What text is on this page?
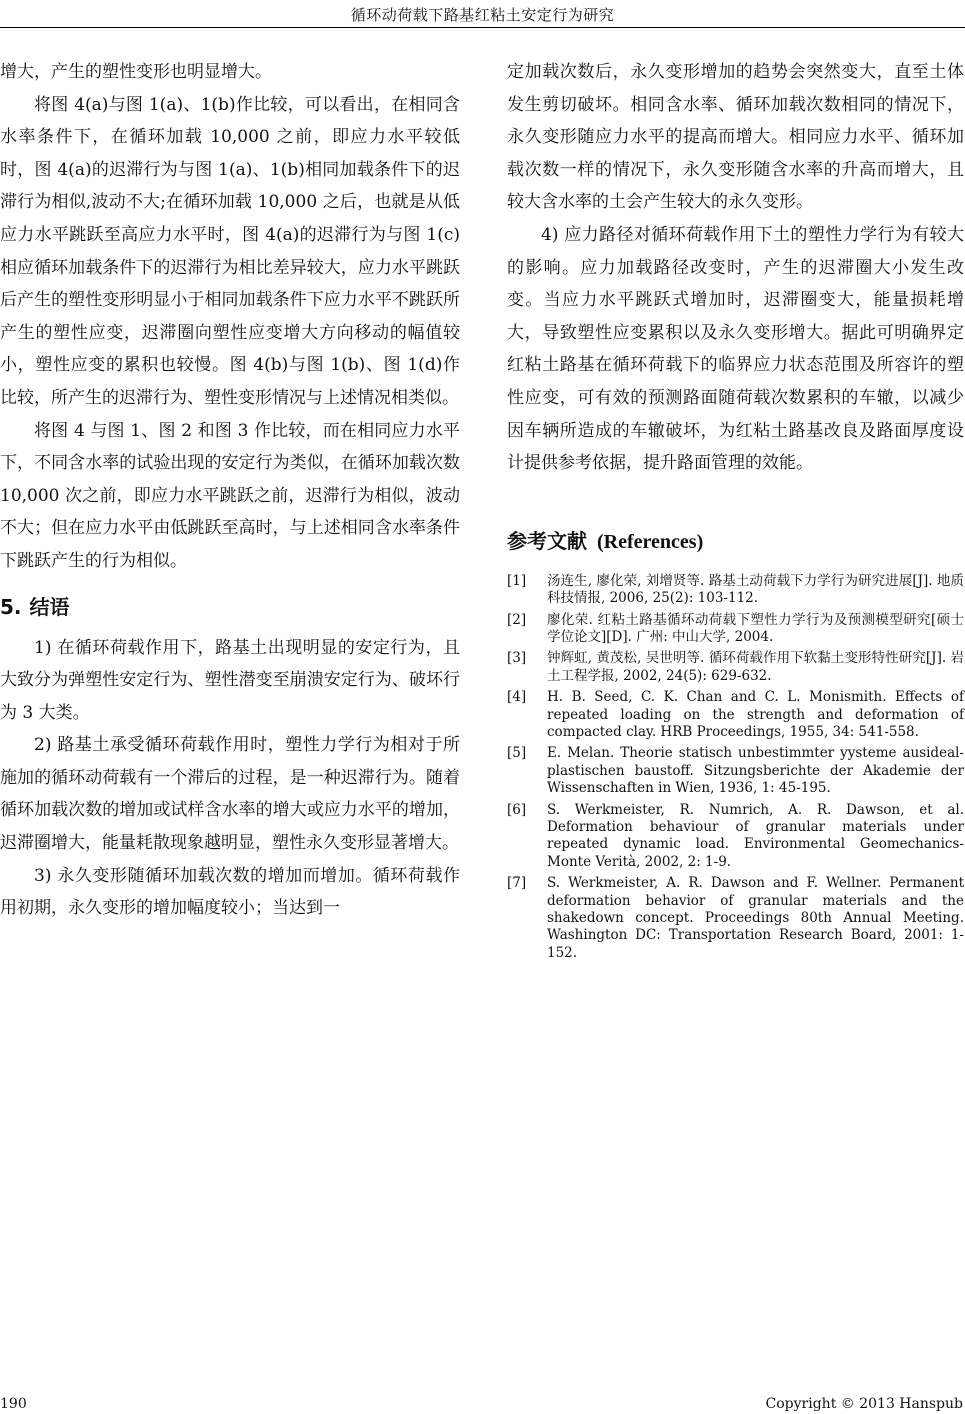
循环动荷载下路基红粘土安定行为研究

增大，产生的塑性变形也明显增大。

将图 4(a)与图 1(a)、1(b)作比较，可以看出，在相同含水率条件下，在循环加载 10,000 之前，即应力水平较低时，图 4(a)的迟滞行为与图 1(a)、1(b)相同加载条件下的迟滞行为相似,波动不大;在循环加载 10,000 之后，也就是从低应力水平跳跃至高应力水平时，图 4(a)的迟滞行为与图 1(c)相应循环加载条件下的迟滞行为相比差异较大，应力水平跳跃后产生的塑性变形明显小于相同加载条件下应力水平不跳跃所产生的塑性应变，迟滞圈向塑性应变增大方向移动的幅值较小，塑性应变的累积也较慢。图 4(b)与图 1(b)、图 1(d)作比较，所产生的迟滞行为、塑性变形情况与上述情况相类似。

将图 4 与图 1、图 2 和图 3 作比较，而在相同应力水平下，不同含水率的试验出现的安定行为类似，在循环加载次数 10,000 次之前，即应力水平跳跃之前，迟滞行为相似，波动不大；但在应力水平由低跳跃至高时，与上述相同含水率条件下跳跃产生的行为相似。

5. 结语

1) 在循环荷载作用下，路基土出现明显的安定行为，且大致分为弹塑性安定行为、塑性潜变至崩溃安定行为、破坏行为 3 大类。

2) 路基土承受循环荷载作用时，塑性力学行为相对于所施加的循环动荷载有一个滞后的过程，是一种迟滞行为。随着循环加载次数的增加或试样含水率的增大或应力水平的增加，迟滞圈增大，能量耗散现象越明显，塑性永久变形显著增大。

3) 永久变形随循环加载次数的增加而增加。循环荷载作用初期，永久变形的增加幅度较小；当达到一

定加载次数后，永久变形增加的趋势会突然变大，直至土体发生剪切破坏。相同含水率、循环加载次数相同的情况下，永久变形随应力水平的提高而增大。相同应力水平、循环加载次数一样的情况下，永久变形随含水率的升高而增大，且较大含水率的土会产生较大的永久变形。

4) 应力路径对循环荷载作用下土的塑性力学行为有较大的影响。应力加载路径改变时，产生的迟滞圈大小发生改变。当应力水平跳跃式增加时，迟滞圈变大，能量损耗增大，导致塑性应变累积以及永久变形增大。据此可明确界定红粘土路基在循环荷载下的临界应力状态范围及所容许的塑性应变，可有效的预测路面随荷载次数累积的车辙，以减少因车辆所造成的车辙破坏，为红粘土路基改良及路面厚度设计提供参考依据，提升路面管理的效能。

参考文献 (References)
[1]	汤连生, 廖化荣, 刘增贤等. 路基土动荷载下力学行为研究进展[J]. 地质科技情报, 2006, 25(2): 103-112.
[2]	廖化荣. 红粘土路基循环动荷载下塑性力学行为及预测模型研究[硕士学位论文][D]. 广州: 中山大学, 2004.
[3]	钟辉虹, 黄茂松, 吴世明等. 循环荷载作用下软黏土变形特性研究[J]. 岩土工程学报, 2002, 24(5): 629-632.
[4]	H. B. Seed, C. K. Chan and C. L. Monismith. Effects of repeated loading on the strength and deformation of compacted clay. HRB Proceedings, 1955, 34: 541-558.
[5]	E. Melan. Theorie statisch unbestimmter yysteme ausideal-plastischen baustoff. Sitzungsberichte der Akademie der Wissenschaften in Wien, 1936, 1: 45-195.
[6]	S. Werkmeister, R. Numrich, A. R. Dawson, et al. Deformation behaviour of granular materials under repeated dynamic load. Environmental Geomechanics-Monte Verità, 2002, 2: 1-9.
[7]	S. Werkmeister, A. R. Dawson and F. Wellner. Permanent deformation behavior of granular materials and the shakedown concept. Proceedings 80th Annual Meeting. Washington DC: Transportation Research Board, 2001: 1-152.
190	Copyright © 2013 Hanspub
